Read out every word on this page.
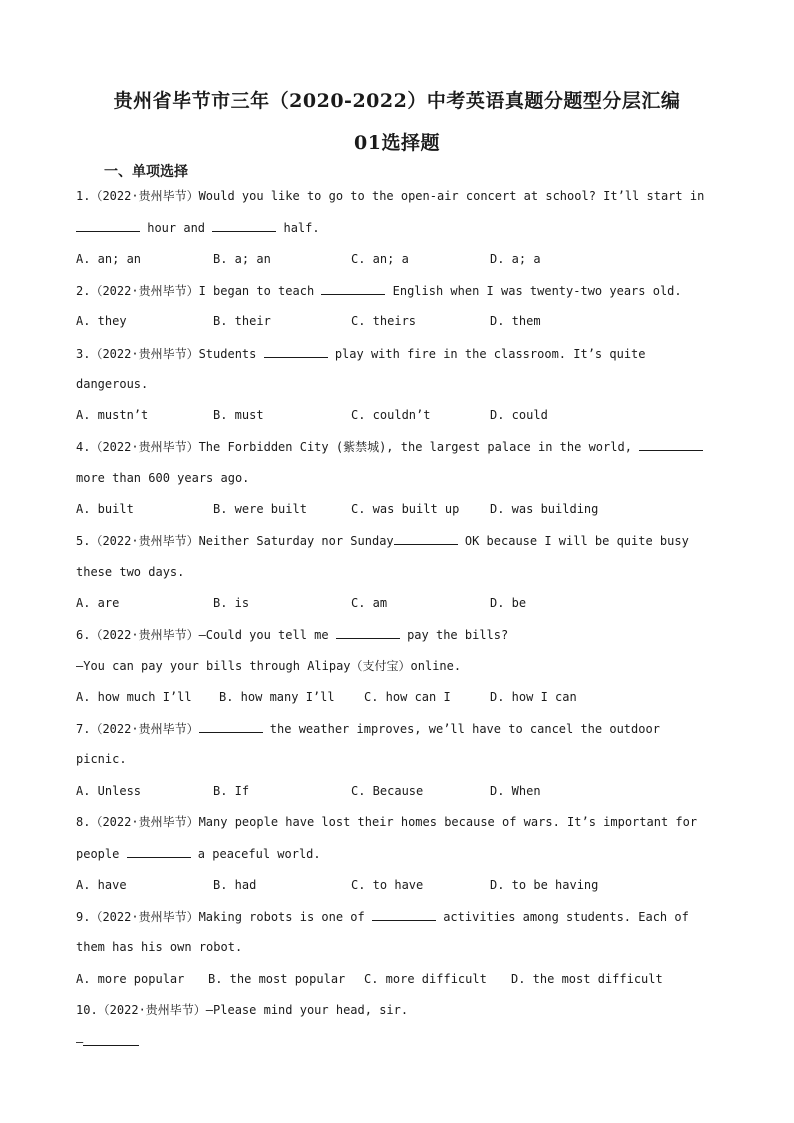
贵州省毕节市三年（2020-2022）中考英语真题分题型分层汇编
01选择题
一、单项选择
1.（2022·贵州毕节）Would you like to go to the open-air concert at school? It’ll start in
hour and	half.
A. an; an	B. a; an	C. an; a	D. a; a
2.（2022·贵州毕节）I began to teach	English when I was twenty-two years old.
A. they	B. their	C. theirs	D. them
3.（2022·贵州毕节）Students	play with fire in the classroom. It’s quite
dangerous.
A. mustn’t	B. must	C. couldn’t	D. could
4.（2022·贵州毕节）The Forbidden City (紫禁城), the largest palace in the world,
more than 600 years ago.
A. built	B. were built	C. was built up	D. was building
5.（2022·贵州毕节）Neither Saturday nor Sunday	OK because I will be quite busy
these two days.
A. are	B. is	C. am	D. be
6.（2022·贵州毕节）—Could you tell me	pay the bills?
—You can pay your bills through Alipay（支付宝）online.
A. how much I’ll B. how many I’ll C. how can I	D. how I can
7.（2022·贵州毕节）	the weather improves, we’ll have to cancel the outdoor
picnic.
A. Unless	B. If	C. Because	D. When
8.（2022·贵州毕节）Many people have lost their homes because of wars. It’s important for
people	a peaceful world.
A. have	B. had	C. to have	D. to be having
9.（2022·贵州毕节）Making robots is one of	activities among students. Each of
them has his own robot.
A. more popular B. the most popular C. more difficult D. the most difficult
10.（2022·贵州毕节）—Please mind your head, sir.
—
